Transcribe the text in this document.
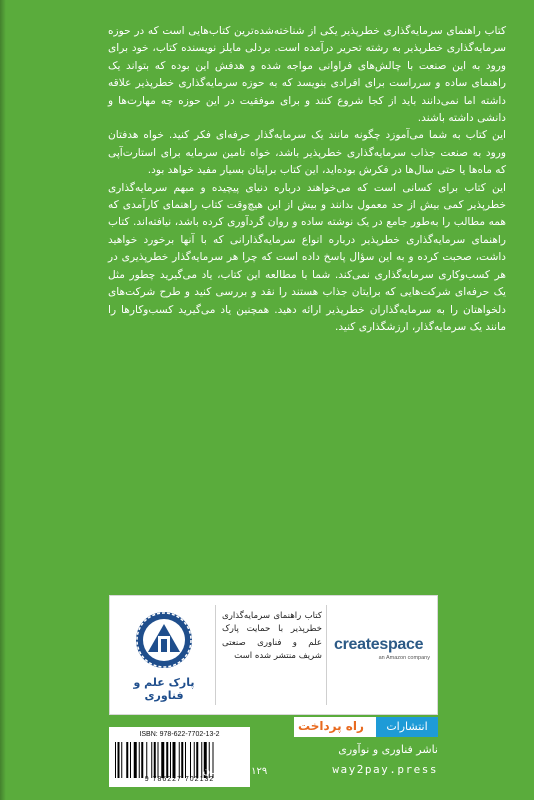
کتاب راهنمای سرمایه‌گذاری خطرپذیر یکی از شناخته‌شده‌ترین کتاب‌هایی است که در حوزه سرمایه‌گذاری خطرپذیر به رشته تحریر درآمده است. بردلی مایلز نویسنده کتاب، خود برای ورود به این صنعت با چالش‌های فراوانی مواجه شده و هدفش این بوده که بتواند یک راهنمای ساده و سرراست برای افرادی بنویسد که به حوزه سرمایه‌گذاری خطرپذیر علاقه داشته اما نمی‌دانند باید از کجا شروع کنند و برای موفقیت در این حوزه چه مهارت‌ها و دانشی داشته باشند.

این کتاب به شما می‌آموزد چگونه مانند یک سرمایه‌گذار حرفه‌ای فکر کنید. خواه هدفتان ورود به صنعت جذاب سرمایه‌گذاری خطرپذیر باشد، خواه تامین سرمایه برای استارت‌آپی که ماه‌ها یا حتی سال‌ها در فکرش بوده‌اید، این کتاب برایتان بسیار مفید خواهد بود.

این کتاب برای کسانی است که می‌خواهند درباره دنیای پیچیده و مبهم سرمایه‌گذاری خطرپذیر کمی بیش از حد معمول بدانند و بیش از این هیچ‌وقت کتاب راهنمای کارآمدی که همه مطالب را به‌طور جامع در یک نوشته ساده و روان گردآوری کرده باشد، نیافته‌اند. کتاب راهنمای سرمایه‌گذاری خطرپذیر درباره انواع سرمایه‌گذارانی که با آنها برخورد خواهید داشت، صحبت کرده و به این سؤال پاسخ داده است که چرا هر سرمایه‌گذار خطرپذیری در هر کسب‌وکاری سرمایه‌گذاری نمی‌کند. شما با مطالعه این کتاب، یاد می‌گیرید چطور مثل یک حرفه‌ای شرکت‌هایی که برایتان جذاب هستند را نقد و بررسی کنید و طرح شرکت‌های دلخواهتان را به سرمایه‌گذاران خطرپذیر ارائه دهید. همچنین یاد می‌گیرید کسب‌وکارها را مانند یک سرمایه‌گذار، ارزشگذاری کنید.

پارک علم و فناوری
کتاب راهنمای سرمایه‌گذاری خطرپذیر با حمایت پارک علم و فناوری صنعتی شریف منتشر شده است
createspace
an Amazon company
ISBN: 978-622-7702-13-2
9 786227 702132
۱۲۹ هزار تومان
راه پرداخت	انتشارات
ناشر فناوری و نوآوری
way2pay.press
